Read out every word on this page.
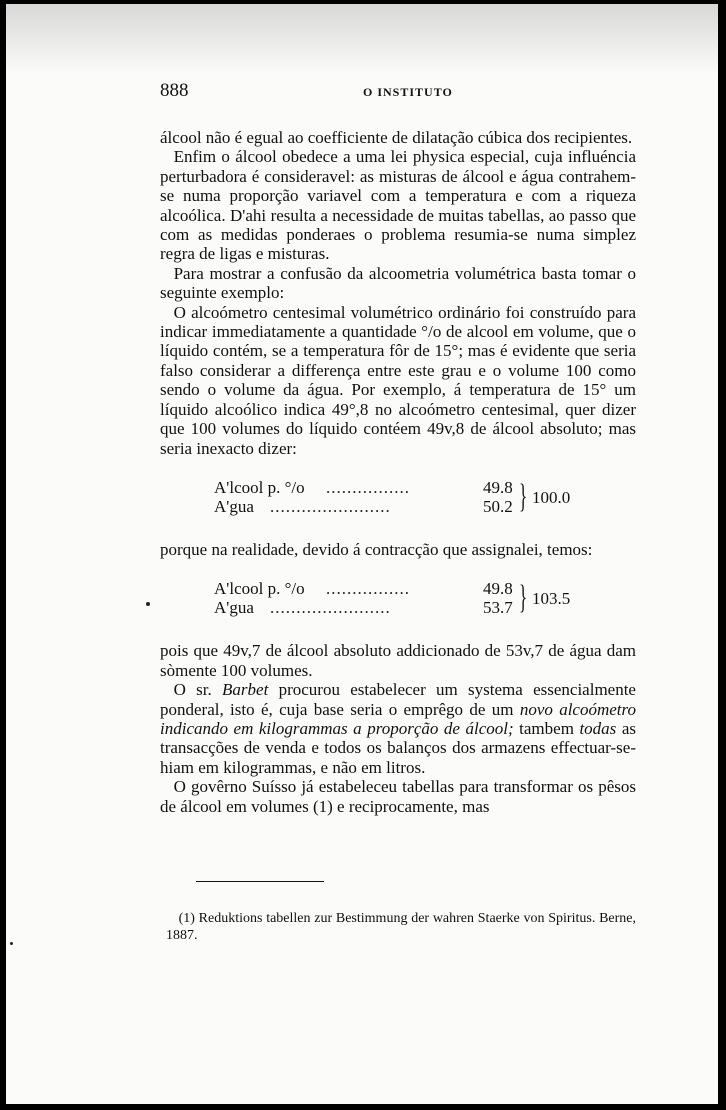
888	O INSTITUTO

álcool não é egual ao coefficiente de dilatação cúbica dos recipientes.

Enfim o álcool obedece a uma lei physica especial, cuja influéncia perturbadora é consideravel: as misturas de álcool e água contrahem-se numa proporção variavel com a temperatura e com a riqueza alcoólica. D'ahi resulta a necessidade de muitas tabellas, ao passo que com as medidas ponderaes o problema resumia-se numa simplez regra de ligas e misturas.

Para mostrar a confusão da alcoometria volumétrica basta tomar o seguinte exemplo:

O alcoómetro centesimal volumétrico ordinário foi construído para indicar immediatamente a quantidade °/o de alcool em volume, que o líquido contém, se a temperatura fôr de 15°; mas é evidente que seria falso considerar a differença entre este grau e o volume 100 como sendo o volume da água. Por exemplo, á temperatura de 15° um líquido alcoólico indica 49°,8 no alcoómetro centesimal, quer dizer que 100 volumes do líquido contéem 49v,8 de álcool absoluto; mas seria inexacto dizer:

A'lcool p. °/o ................	49.8
A'gua .......................	50.2 } 100.0

porque na realidade, devido á contracção que assignalei, temos:

A'lcool p. °/o ................	49.8
A'gua .......................	53.7 } 103.5

pois que 49v,7 de álcool absoluto addicionado de 53v,7 de água dam sòmente 100 volumes.

O sr. Barbet procurou estabelecer um systema essencialmente ponderal, isto é, cuja base seria o emprêgo de um novo alcoómetro indicando em kilogrammas a proporção de álcool; tambem todas as transacções de venda e todos os balanços dos armazens effectuar-se-hiam em kilogrammas, e não em litros.

O govêrno Suísso já estabeleceu tabellas para transformar os pêsos de álcool em volumes (1) e reciprocamente, mas

(1) Reduktions tabellen zur Bestimmung der wahren Staerke von Spiritus. Berne, 1887.
